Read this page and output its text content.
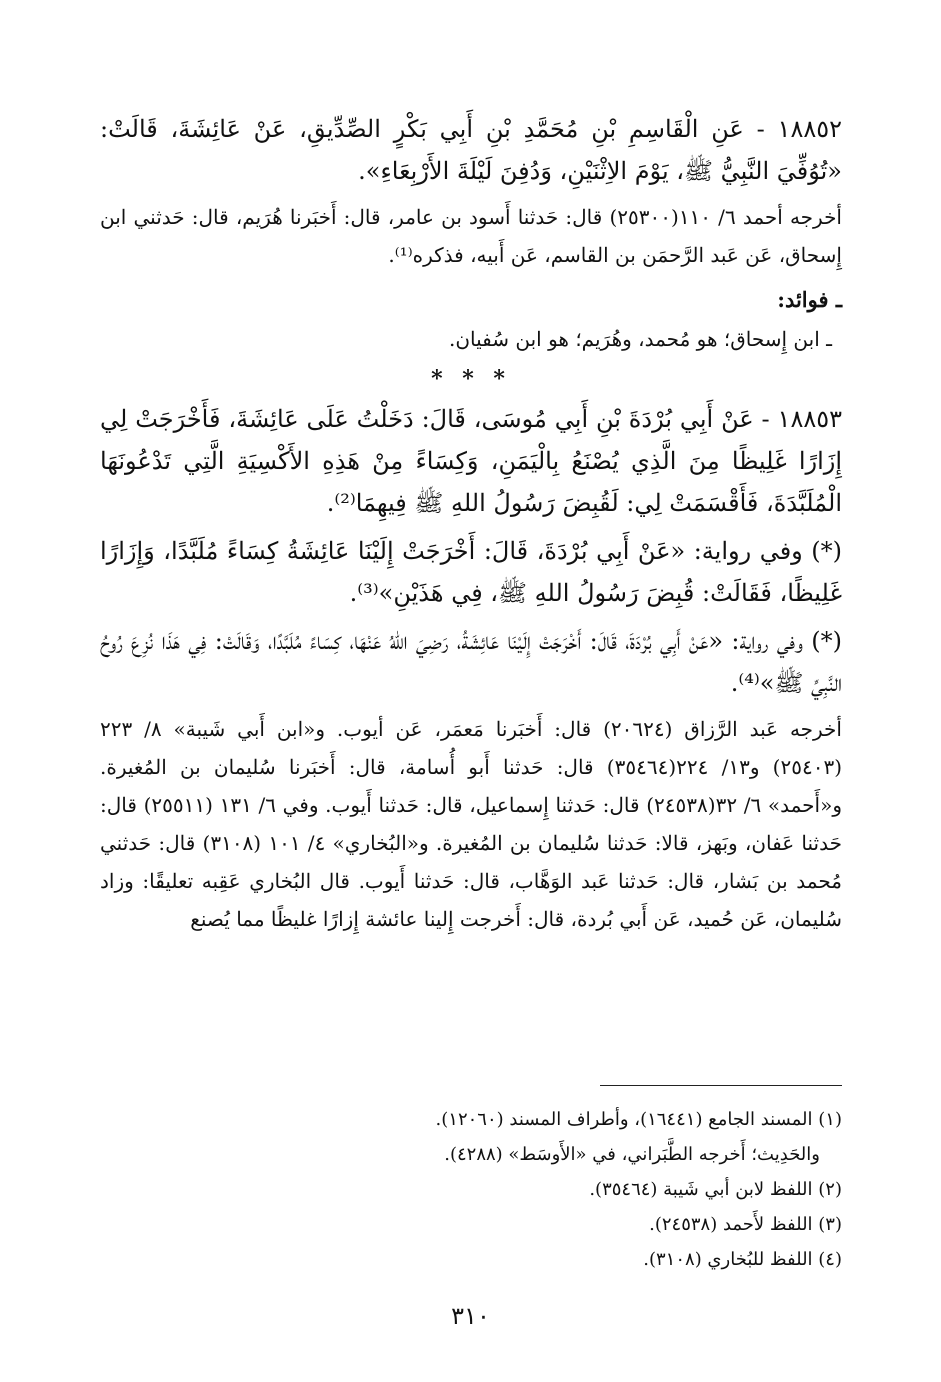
١٨٨٥٢ - عَنِ الْقَاسِمِ بْنِ مُحَمَّدِ بْنِ أَبِي بَكْرٍ الصِّدِّيقِ، عَنْ عَائِشَةَ، قَالَتْ: «تُوُفِّيَ النَّبِيُّ ﷺ، يَوْمَ الاِثْنَيْنِ، وَدُفِنَ لَيْلَةَ الأَرْبِعَاءِ».

أخرجه أحمد ٦/ ١١٠(٢٥٣٠٠) قال: حَدثنا أَسود بن عامر، قال: أَخبَرنا هُرَيم، قال: حَدثني ابن إِسحاق، عَن عَبد الرَّحمَن بن القاسم، عَن أَبيه، فذكره⁽¹⁾.

ـ فوائد:

ـ ابن إِسحاق؛ هو مُحمد، وهُرَيم؛ هو ابن سُفيان.

* * *

١٨٨٥٣ - عَنْ أَبِي بُرْدَةَ بْنِ أَبِي مُوسَى، قَالَ: دَخَلْتُ عَلَى عَائِشَةَ، فَأَخْرَجَتْ لِي إِزَارًا غَلِيظًا مِنَ الَّذِي يُصْنَعُ بِالْيَمَنِ، وَكِسَاءً مِنْ هَذِهِ الأَكْسِيَةِ الَّتِي تَدْعُونَهَا الْمُلَبَّدَةَ، فَأَقْسَمَتْ لِي: لَقُبِضَ رَسُولُ اللهِ ﷺ فِيهِمَا⁽²⁾.

(*) وفي رواية: «عَنْ أَبِي بُرْدَةَ، قَالَ: أَخْرَجَتْ إِلَيْنَا عَائِشَةُ كِسَاءً مُلَبَّدًا، وَإِزَارًا غَلِيظًا، فَقَالَتْ: قُبِضَ رَسُولُ اللهِ ﷺ، فِي هَذَيْنِ»⁽³⁾.

(*) وفي رواية: «عَنْ أَبِي بُرْدَةَ، قَالَ: أَخْرَجَتْ إِلَيْنَا عَائِشَةُ، رَضِيَ اللهُ عَنْهَا، كِسَاءً مُلَبَّدًا، وَقَالَتْ: فِي هَذَا نُزِعَ رُوحُ النَّبِيِّ ﷺ»⁽⁴⁾.

أخرجه عَبد الرَّزاق (٢٠٦٢٤) قال: أَخبَرنا مَعمَر، عَن أيوب. و«ابن أَبي شَيبة» ٨/ ٢٢٣ (٢٥٤٠٣) و١٣/ ٢٢٤(٣٥٤٦٤) قال: حَدثنا أَبو أُسامة، قال: أَخبَرنا سُليمان بن المُغيرة. و«أَحمد» ٦/ ٣٢(٢٤٥٣٨) قال: حَدثنا إِسماعيل، قال: حَدثنا أَيوب. وفي ٦/ ١٣١ (٢٥٥١١) قال: حَدثنا عَفان، وبَهز، قالا: حَدثنا سُليمان بن المُغيرة. و«البُخاري» ٤/ ١٠١ (٣١٠٨) قال: حَدثني مُحمد بن بَشار، قال: حَدثنا عَبد الوَهَّاب، قال: حَدثنا أَيوب. قال البُخاري عَقِبه تعليقًا: وزاد سُليمان، عَن حُميد، عَن أَبي بُردة، قال: أَخرجت إِلينا عائشة إِزارًا غليظًا مما يُصنع

(١) المسند الجامع (١٦٤٤١)، وأطراف المسند (١٢٠٦٠).

والحَدِيث؛ أَخرجه الطَّبَراني، في «الأَوسَط» (٤٢٨٨).

(٢) اللفظ لابن أبي شَيبة (٣٥٤٦٤).

(٣) اللفظ لأَحمد (٢٤٥٣٨).

(٤) اللفظ للبُخاري (٣١٠٨).

٣١٠
